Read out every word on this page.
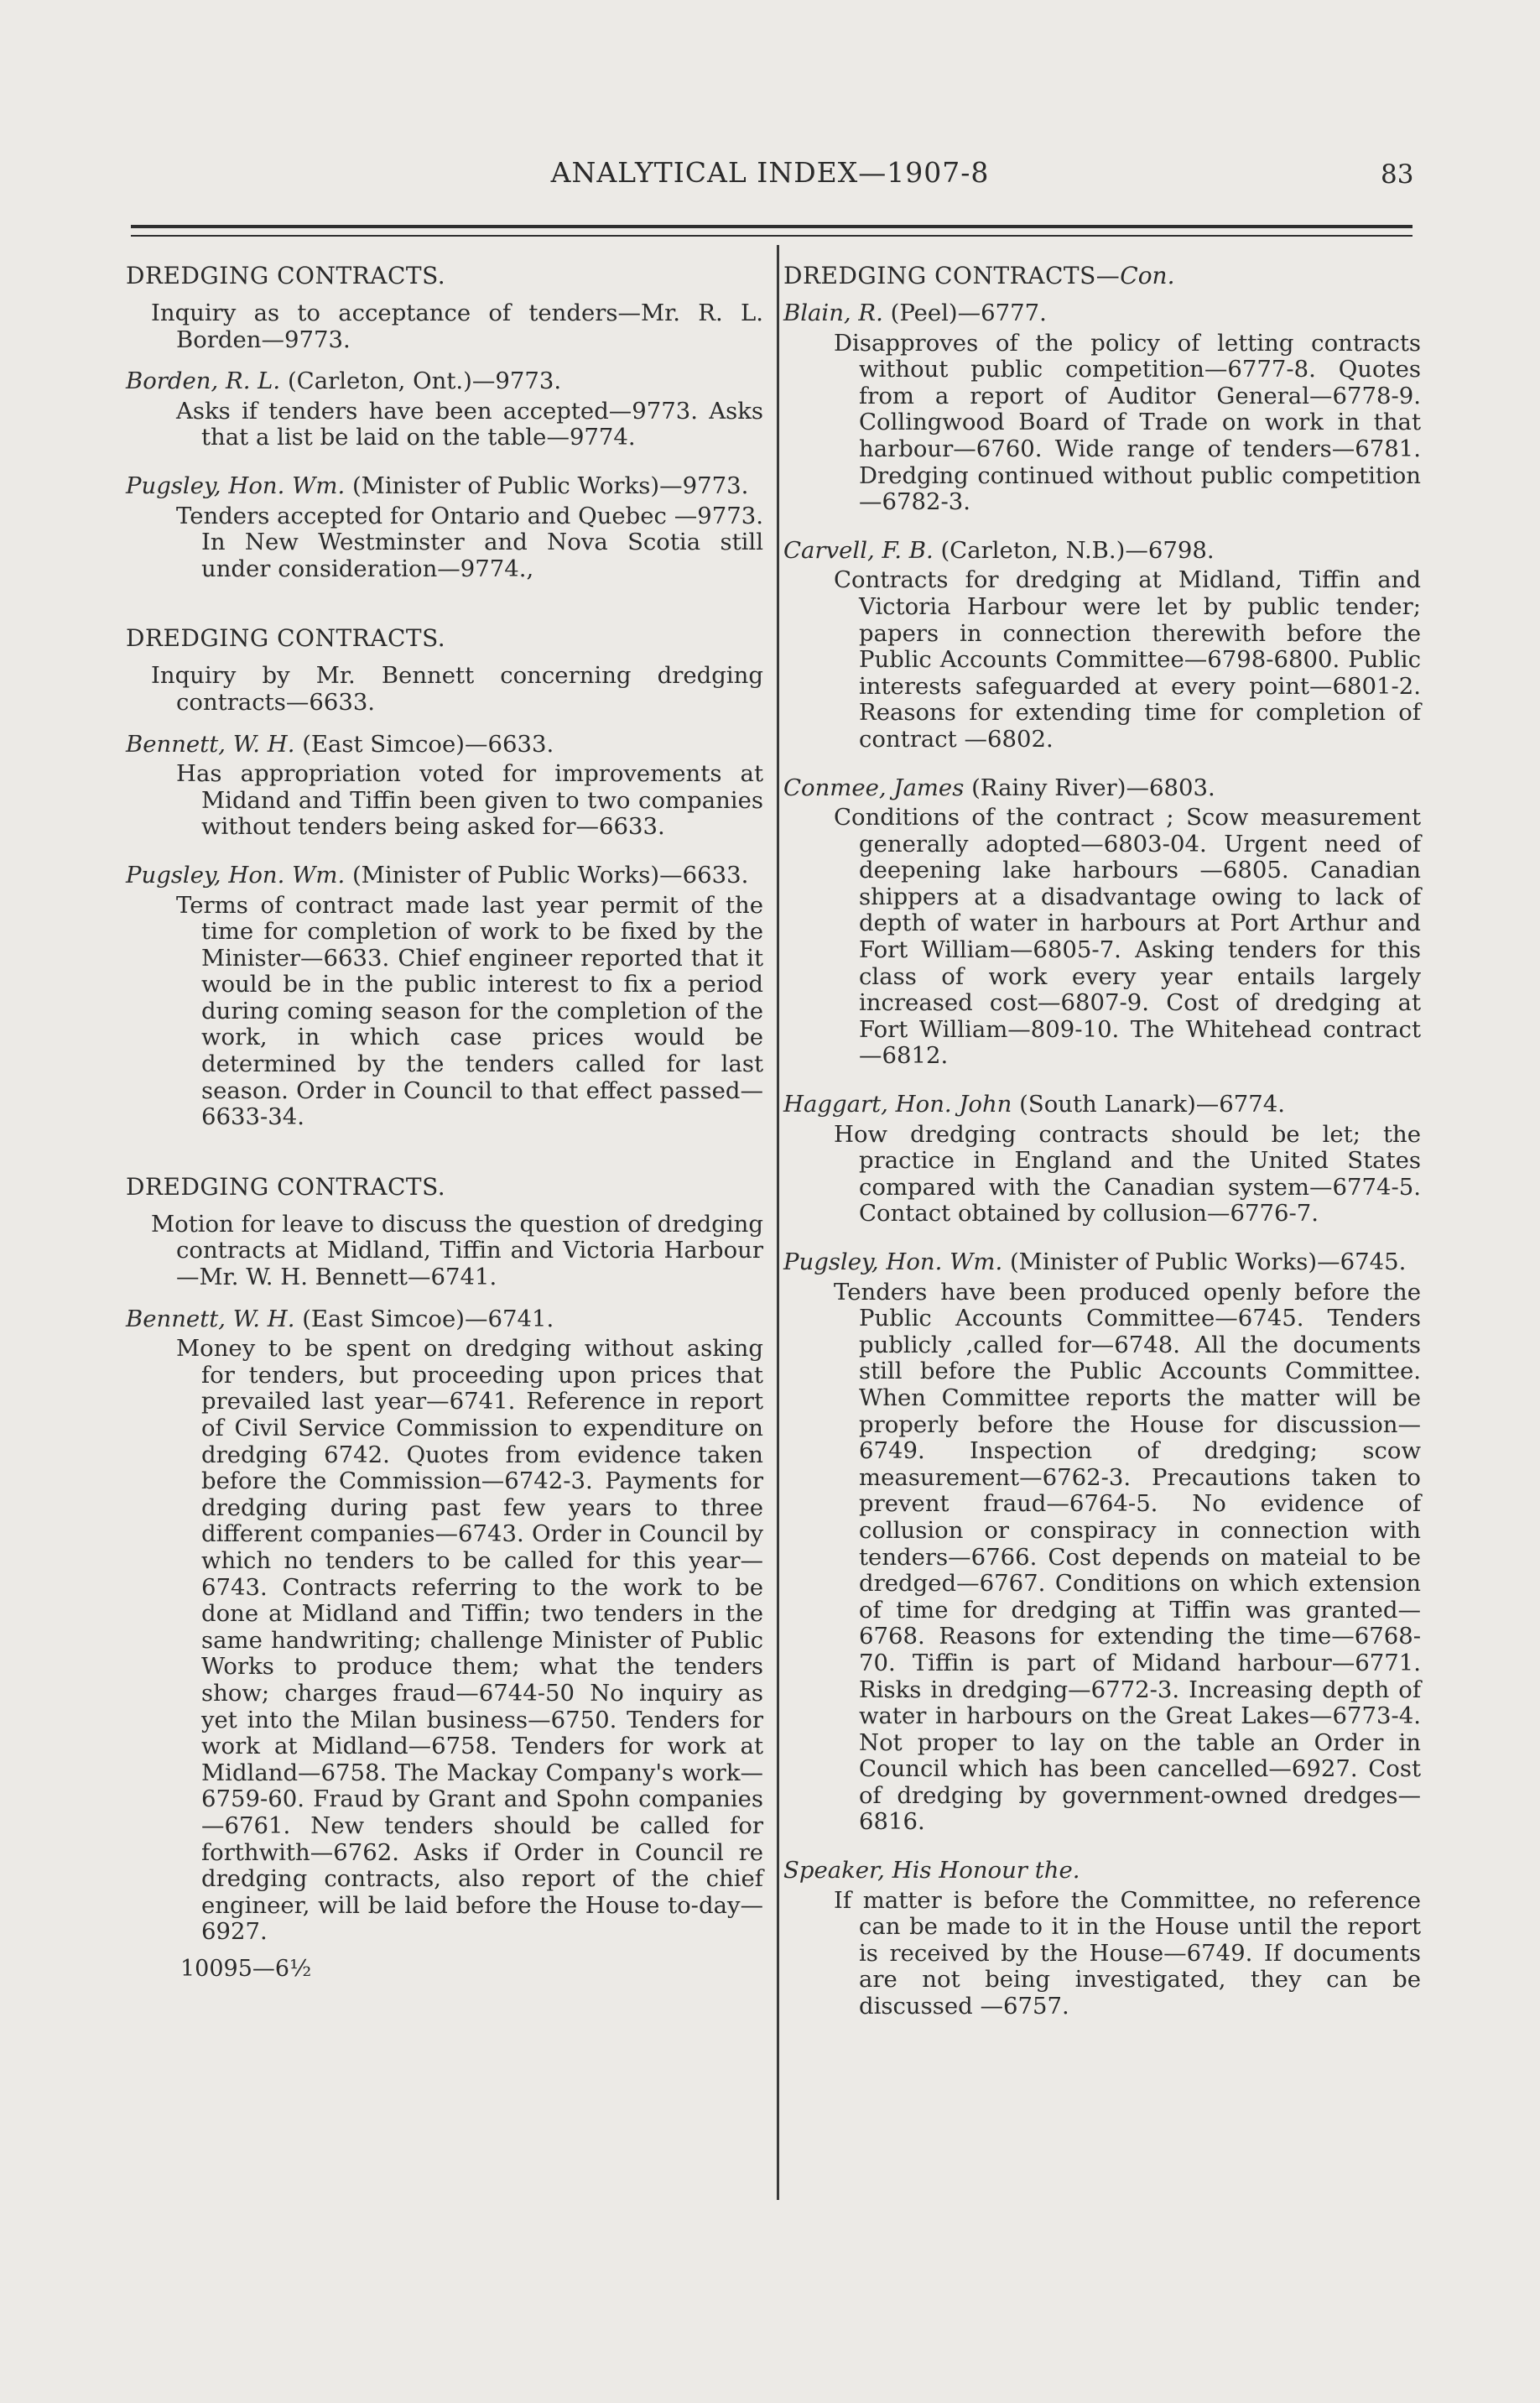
ANALYTICAL INDEX—1907-8	83
DREDGING CONTRACTS.

Inquiry as to acceptance of tenders—Mr. R. L. Borden—9773.

Borden, R. L. (Carleton, Ont.)—9773.

Asks if tenders have been accepted—9773. Asks that a list be laid on the table—9774.

Pugsley, Hon. Wm. (Minister of Public Works)—9773.

Tenders accepted for Ontario and Quebec —9773. In New Westminster and Nova Scotia still under consideration—9774.,

DREDGING CONTRACTS.

Inquiry by Mr. Bennett concerning dredging contracts—6633.

Bennett, W. H. (East Simcoe)—6633.

Has appropriation voted for improvements at Midand and Tiffin been given to two companies without tenders being asked for—6633.

Pugsley, Hon. Wm. (Minister of Public Works)—6633.

Terms of contract made last year permit of the time for completion of work to be fixed by the Minister—6633. Chief engineer reported that it would be in the public interest to fix a period during coming season for the completion of the work, in which case prices would be determined by the tenders called for last season. Order in Council to that effect passed—6633-34.

DREDGING CONTRACTS.

Motion for leave to discuss the question of dredging contracts at Midland, Tiffin and Victoria Harbour—Mr. W. H. Bennett—6741.

Bennett, W. H. (East Simcoe)—6741.

Money to be spent on dredging without asking for tenders, but proceeding upon prices that prevailed last year—6741. Reference in report of Civil Service Commission to expenditure on dredging 6742. Quotes from evidence taken before the Commission—6742-3. Payments for dredging during past few years to three different companies—6743. Order in Council by which no tenders to be called for this year—6743. Contracts referring to the work to be done at Midland and Tiffin; two tenders in the same handwriting; challenge Minister of Public Works to produce them; what the tenders show; charges fraud—6744-50 No inquiry as yet into the Milan business—6750. Tenders for work at Midland—6758. Tenders for work at Midland—6758. The Mackay Company's work—6759-60. Fraud by Grant and Spohn companies —6761. New tenders should be called for forthwith—6762. Asks if Order in Council re dredging contracts, also report of the chief engineer, will be laid before the House to-day—6927.

10095—6½
DREDGING CONTRACTS—Con.

Blain, R. (Peel)—6777.

Disapproves of the policy of letting contracts without public competition—6777-8. Quotes from a report of Auditor General—6778-9. Collingwood Board of Trade on work in that harbour—6760. Wide range of tenders—6781. Dredging continued without public competition—6782-3.

Carvell, F. B. (Carleton, N.B.)—6798.

Contracts for dredging at Midland, Tiffin and Victoria Harbour were let by public tender; papers in connection therewith before the Public Accounts Committee—6798-6800. Public interests safeguarded at every point—6801-2. Reasons for extending time for completion of contract —6802.

Conmee, James (Rainy River)—6803.

Conditions of the contract ; Scow measurement generally adopted—6803-04. Urgent need of deepening lake harbours —6805. Canadian shippers at a disadvantage owing to lack of depth of water in harbours at Port Arthur and Fort William—6805-7. Asking tenders for this class of work every year entails largely increased cost—6807-9. Cost of dredging at Fort William—809-10. The Whitehead contract—6812.

Haggart, Hon. John (South Lanark)—6774.

How dredging contracts should be let; the practice in England and the United States compared with the Canadian system—6774-5. Contact obtained by collusion—6776-7.

Pugsley, Hon. Wm. (Minister of Public Works)—6745.

Tenders have been produced openly before the Public Accounts Committee—6745. Tenders publicly ,called for—6748. All the documents still before the Public Accounts Committee. When Committee reports the matter will be properly before the House for discussion—6749. Inspection of dredging; scow measurement—6762-3. Precautions taken to prevent fraud—6764-5. No evidence of collusion or conspiracy in connection with tenders—6766. Cost depends on mateial to be dredged—6767. Conditions on which extension of time for dredging at Tiffin was granted—6768. Reasons for extending the time—6768-70. Tiffin is part of Midand harbour—6771. Risks in dredging—6772-3. Increasing depth of water in harbours on the Great Lakes—6773-4. Not proper to lay on the table an Order in Council which has been cancelled—6927. Cost of dredging by government-owned dredges—6816.

Speaker, His Honour the.

If matter is before the Committee, no reference can be made to it in the House until the report is received by the House—6749. If documents are not being investigated, they can be discussed —6757.
